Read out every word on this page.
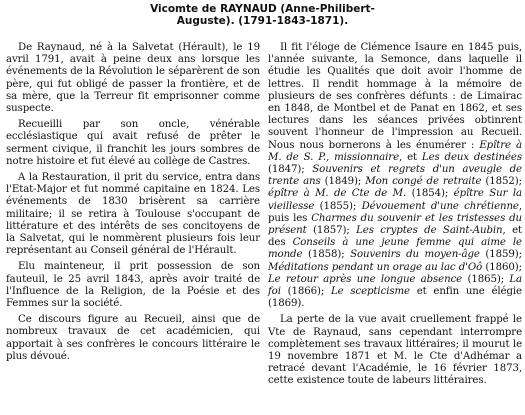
Vicomte de RAYNAUD (Anne-Philibert-
Auguste). (1791-1843-1871).

De Raynaud, né à la Salvetat (Hérault), le 19 avril 1791, avait à peine deux ans lorsque les événements de la Révolution le séparèrent de son père, qui fut obligé de passer la frontière, et de sa mère, que la Terreur fit emprisonner comme suspecte.

Recueilli par son oncle, vénérable ecclésiastique qui avait refusé de prêter le serment civique, il franchit les jours sombres de notre histoire et fut élevé au collège de Castres.

A la Restauration, il prit du service, entra dans l'Etat-Major et fut nommé capitaine en 1824. Les événements de 1830 brisèrent sa carrière militaire; il se retira à Toulouse s'occupant de littérature et des intérêts de ses concitoyens de la Salvetat, qui le nommèrent plusieurs fois leur représentant au Conseil général de l'Hérault.

Elu mainteneur, il prit possession de son fauteuil, le 25 avril 1843, après avoir traité de l'Influence de la Religion, de la Poésie et des Femmes sur la société.

Ce discours figure au Recueil, ainsi que de nombreux travaux de cet académicien, qui apportait à ses confrères le concours littéraire le plus dévoué.

Il fit l'éloge de Clémence Isaure en 1845 puis, l'année suivante, la Semonce, dans laquelle il étudie les Qualités que doit avoir l'homme de lettres. Il rendit hommage à la mémoire de plusieurs de ses confrères défunts : de Limairac en 1848, de Montbel et de Panat en 1862, et ses lectures dans les séances privées obtinrent souvent l'honneur de l'impression au Recueil. Nous nous bornerons à les énumérer : Epître à M. de S. P., missionnaire, et Les deux destinées (1847); Souvenirs et regrets d'un aveugle de trente ans (1849); Mon congé de retraite (1852); épître à M. de Cte de M. (1854); épître Sur la vieillesse (1855); Dévouement d'une chrétienne, puis les Charmes du souvenir et les tristesses du présent (1857); Les cryptes de Saint-Aubin, et des Conseils à une jeune femme qui aime le monde (1858); Souvenirs du moyen-âge (1859); Méditations pendant un orage au lac d'Oô (1860); Le retour après une longue absence (1865); La foi (1866); Le scepticisme et enfin une élégie (1869).

La perte de la vue avait cruellement frappé le Vte de Raynaud, sans cependant interrompre complètement ses travaux littéraires; il mourut le 19 novembre 1871 et M. le Cte d'Adhémar a retracé devant l'Académie, le 16 février 1873, cette existence toute de labeurs littéraires.
